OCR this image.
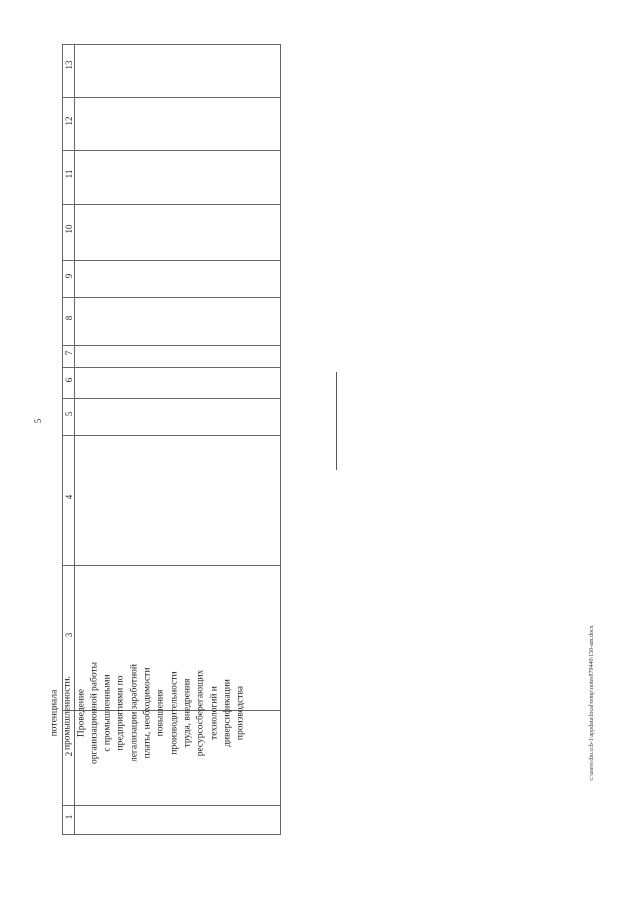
5
13
12
11
10
9
8
7
6
5
4
3
2
1
потенциала промышленности. Проведение организационной работы с промышленными предприятиями по легализации заработной платы, необходимости повышения производительности труда, внедрения ресурсосберегающих технологий и диверсификации производства	c:\users\dio.ccb-1\appdata\local\temp\notes879440\150-am.docx
